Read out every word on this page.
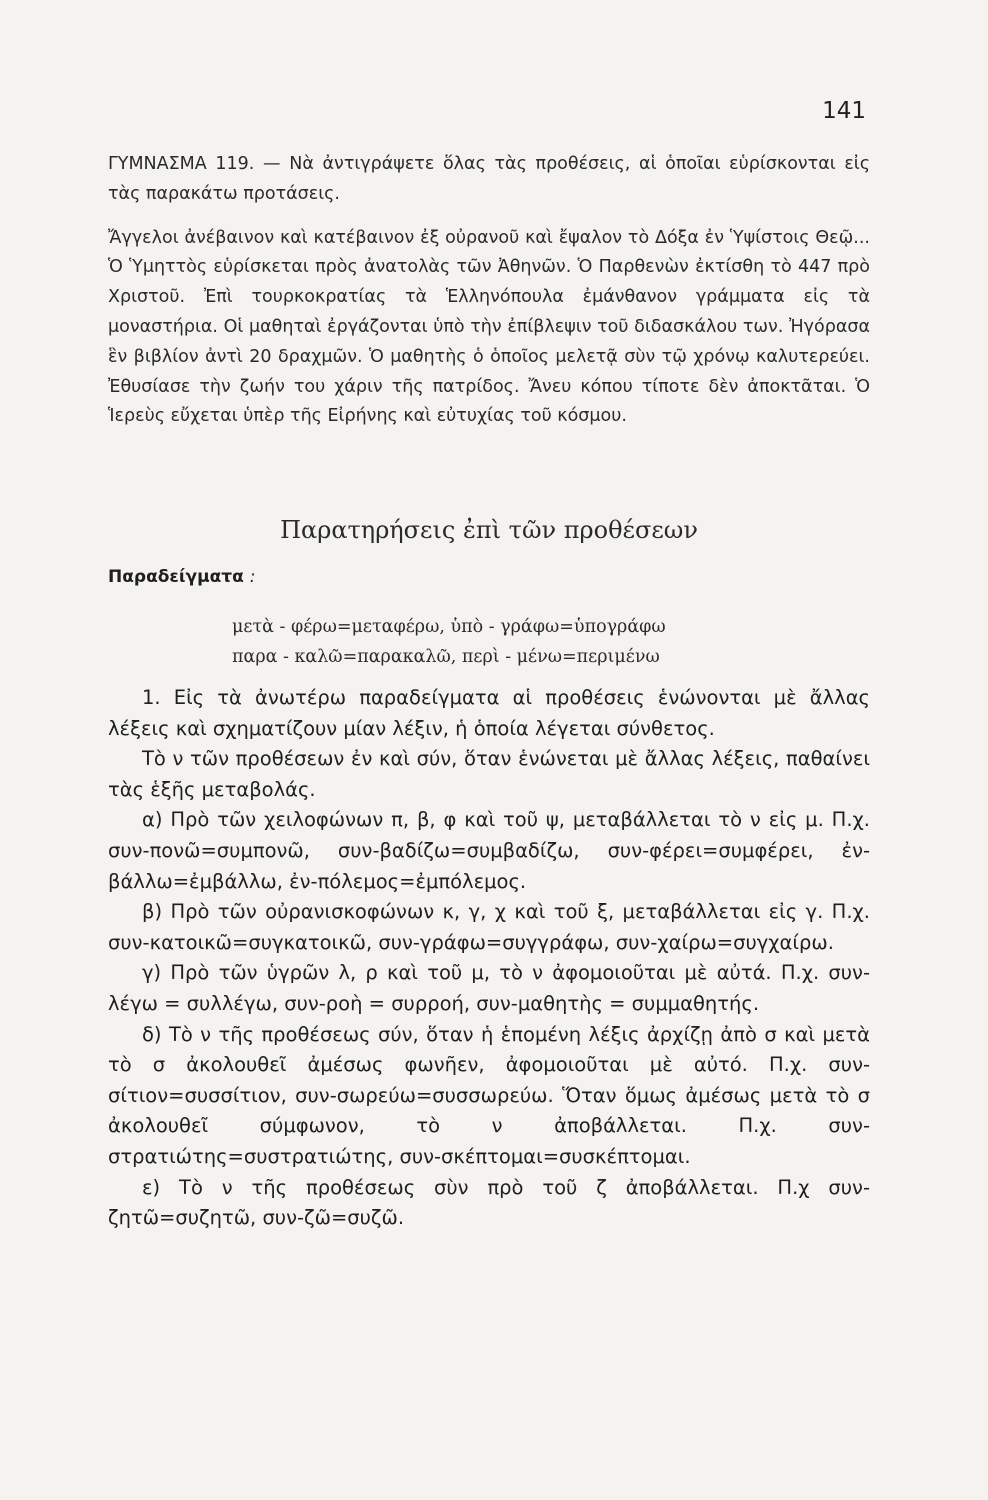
141

ΓΥΜΝΑΣΜΑ 119. — Νὰ ἀντιγράψετε ὅλας τὰς προθέσεις, αἱ ὁποῖαι εὑρίσκονται εἰς τὰς παρακάτω προτάσεις.

Ἄγγελοι ἀνέβαινον καὶ κατέβαινον ἐξ οὐρανοῦ καὶ ἔψαλον τὸ Δόξα ἐν Ὑψίστοις Θεῷ... Ὁ Ὑμηττὸς εὑρίσκεται πρὸς ἀνατολὰς τῶν Ἀθηνῶν. Ὁ Παρθενὼν ἐκτίσθη τὸ 447 πρὸ Χριστοῦ. Ἐπὶ τουρκοκρατίας τὰ Ἑλληνόπουλα ἐμάνθανον γράμματα εἰς τὰ μοναστήρια. Οἱ μαθηταὶ ἐργάζονται ὑπὸ τὴν ἐπίβλεψιν τοῦ διδασκάλου των. Ἠγόρασα ἓν βιβλίον ἀντὶ 20 δραχμῶν. Ὁ μαθητὴς ὁ ὁποῖος μελετᾷ σὺν τῷ χρόνῳ καλυτερεύει. Ἐθυσίασε τὴν ζωήν του χάριν τῆς πατρίδος. Ἄνευ κόπου τίποτε δὲν ἀποκτᾶται. Ὁ Ἱερεὺς εὔχεται ὑπὲρ τῆς Εἰρήνης καὶ εὐτυχίας τοῦ κόσμου.

Παρατηρήσεις ἐπὶ τῶν προθέσεων
Παραδείγματα :
μετὰ - φέρω=μεταφέρω, ὑπὸ - γράφω=ὑπογράφω
παρα - καλῶ=παρακαλῶ, περὶ - μένω=περιμένω

1. Εἰς τὰ ἀνωτέρω παραδείγματα αἱ προθέσεις ἑνώνονται μὲ ἄλλας λέξεις καὶ σχηματίζουν μίαν λέξιν, ἡ ὁποία λέγεται σύνθετος.

Τὸ ν τῶν προθέσεων ἐν καὶ σύν, ὅταν ἑνώνεται μὲ ἄλλας λέξεις, παθαίνει τὰς ἑξῆς μεταβολάς.

α) Πρὸ τῶν χειλοφώνων π, β, φ καὶ τοῦ ψ, μεταβάλλεται τὸ ν εἰς μ. Π.χ. συν-πονῶ=συμπονῶ, συν-βαδίζω=συμβαδίζω, συν-φέρει=συμφέρει, ἐν-βάλλω=ἐμβάλλω, ἐν-πόλεμος=ἐμπόλεμος.

β) Πρὸ τῶν οὐρανισκοφώνων κ, γ, χ καὶ τοῦ ξ, μεταβάλλεται εἰς γ. Π.χ. συν-κατοικῶ=συγκατοικῶ, συν-γράφω=συγγράφω, συν-χαίρω=συγχαίρω.

γ) Πρὸ τῶν ὑγρῶν λ, ρ καὶ τοῦ μ, τὸ ν ἀφομοιοῦται μὲ αὐτά. Π.χ. συν-λέγω = συλλέγω, συν-ροὴ = συρροή, συν-μαθητὴς = συμμαθητής.

δ) Τὸ ν τῆς προθέσεως σύν, ὅταν ἡ ἑπομένη λέξις ἀρχίζῃ ἀπὸ σ καὶ μετὰ τὸ σ ἀκολουθεῖ ἀμέσως φωνῆεν, ἀφομοιοῦται μὲ αὐτό. Π.χ. συν-σίτιον=συσσίτιον, συν-σωρεύω=συσσωρεύω. Ὅταν ὅμως ἀμέσως μετὰ τὸ σ ἀκολουθεῖ σύμφωνον, τὸ ν ἀποβάλλεται. Π.χ. συν-στρατιώτης=συστρατιώτης, συν-σκέπτομαι=συσκέπτομαι.

ε) Τὸ ν τῆς προθέσεως σὺν πρὸ τοῦ ζ ἀποβάλλεται. Π.χ συν-ζητῶ=συζητῶ, συν-ζῶ=συζῶ.
